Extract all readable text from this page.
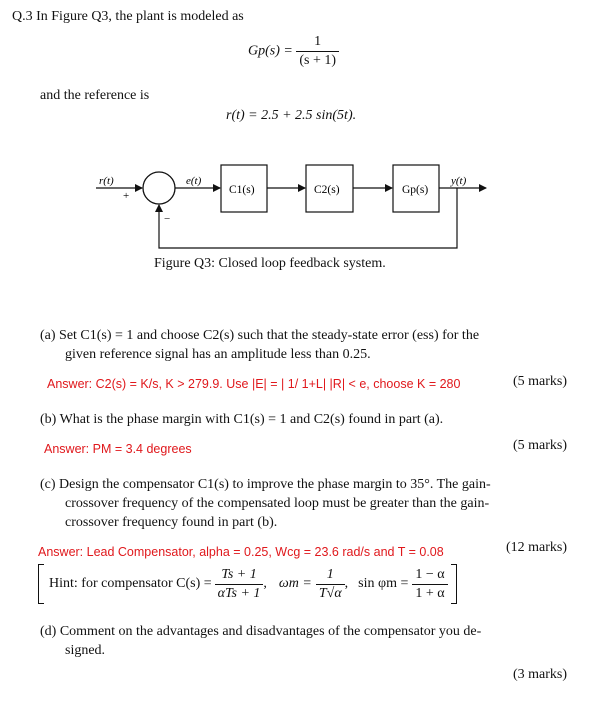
Q.3 In Figure Q3, the plant is modeled as
$Gp(s) = \frac{1}{(s + 1)}$
and the reference is
r(t) = 2.5 + 2.5 sin(5t).
r(t)
+
−
e(t)
C1(s)	C2(s)	Gp(s)
y(t)
Figure Q3: Closed loop feedback system.
(a) Set C1(s) = 1 and choose C2(s) such that the steady-state error (ess) for the
given reference signal has an amplitude less than 0.25.
Answer: C2(s) = K/s, K > 279.9. Use |E| = | 1/ 1+L| |R| < e, choose K = 280	(5 marks)
(b) What is the phase margin with C1(s) = 1 and C2(s) found in part (a).
Answer: PM = 3.4 degrees	(5 marks)
(c) Design the compensator C1(s) to improve the phase margin to 35°. The gain-
crossover frequency of the compensated loop must be greater than the gain-
crossover frequency found in part (b).
Answer: Lead Compensator, alpha = 0.25, Wcg = 23.6 rad/s and T = 0.08	(12 marks)
Hint: for compensator $C(s) = \frac{Ts + 1}{\text{αTs + 1}}$ , $\omega m = \frac{1}{T√\alpha}$ , $\sin \varphi m = \frac{1 - \alpha}{1 + \alpha}$
(d) Comment on the advantages and disadvantages of the compensator you de-
signed.
(3 marks)
